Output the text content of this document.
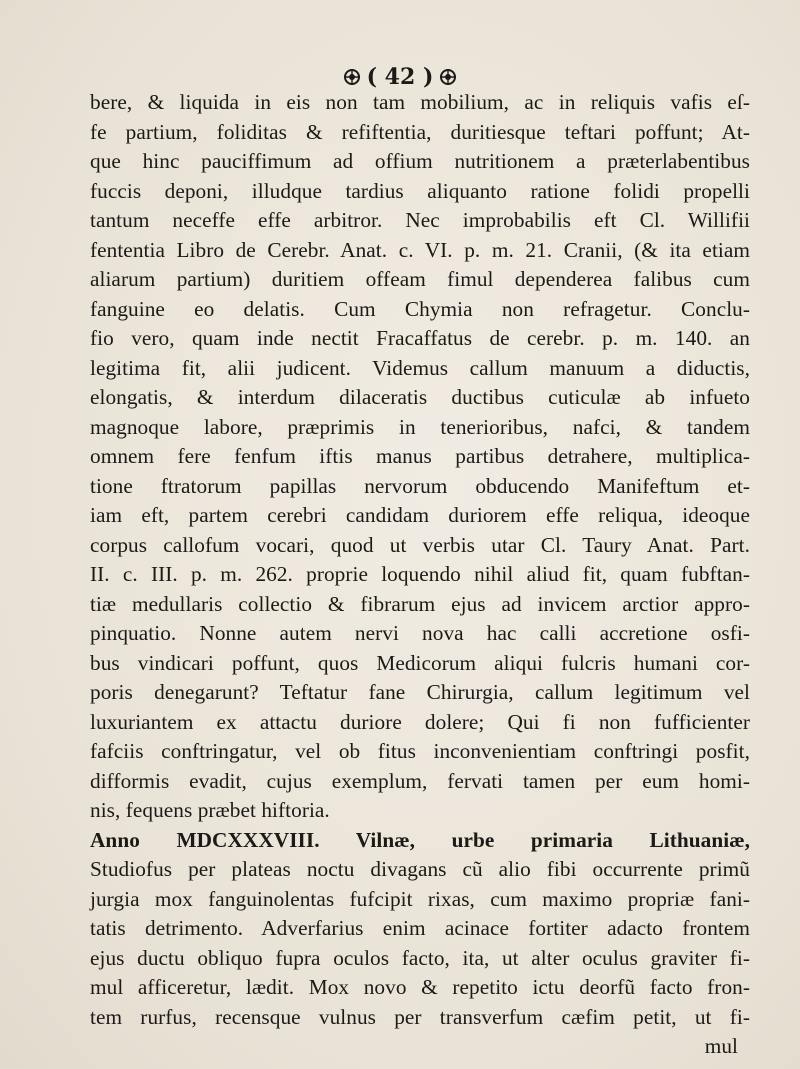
( 42 )
bere, & liquida in eis non tam mobilium, ac in reliquis vafis eſ-
fe partium, foliditas & refiftentia, duritiesque teftari poffunt; At-
que hinc pauciffimum ad offium nutritionem a præterlabentibus
fuccis deponi, illudque tardius aliquanto ratione folidi propelli
tantum neceffe effe arbitror. Nec improbabilis eft Cl. Willifii
fententia Libro de Cerebr. Anat. c. VI. p. m. 21. Cranii, (& ita etiam
aliarum partium) duritiem offeam fimul dependerea falibus cum
fanguine eo delatis. Cum Chymia non refragetur. Conclu-
fio vero, quam inde nectit Fracaffatus de cerebr. p. m. 140. an
legitima fit, alii judicent. Videmus callum manuum a diductis,
elongatis, & interdum dilaceratis ductibus cuticulæ ab infueto
magnoque labore, præprimis in tenerioribus, nafci, & tandem
omnem fere fenfum iftis manus partibus detrahere, multiplica-
tione ftratorum papillas nervorum obducendo Manifeftum et-
iam eft, partem cerebri candidam duriorem effe reliqua, ideoque
corpus callofum vocari, quod ut verbis utar Cl. Taury Anat. Part.
II. c. III. p. m. 262. proprie loquendo nihil aliud fit, quam fubftan-
tiæ medullaris collectio & fibrarum ejus ad invicem arctior appro-
pinquatio. Nonne autem nervi nova hac calli accretione osfi-
bus vindicari poffunt, quos Medicorum aliqui fulcris humani cor-
poris denegarunt? Teftatur fane Chirurgia, callum legitimum vel
luxuriantem ex attactu duriore dolere; Qui fi non fufficienter
fafciis conftringatur, vel ob fitus inconvenientiam conftringi posfit,
difformis evadit, cujus exemplum, fervati tamen per eum homi-
nis, fequens præbet hiftoria.
Anno MDCXXXVIII. Vilnæ, urbe primaria Lithuaniæ,
Studiofus per plateas noctu divagans cũ alio fibi occurrente primũ
jurgia mox fanguinolentas fufcipit rixas, cum maximo propriæ fani-
tatis detrimento. Adverfarius enim acinace fortiter adacto frontem
ejus ductu obliquo fupra oculos facto, ita, ut alter oculus graviter fi-
mul afficeretur, lædit. Mox novo & repetito ictu deorfũ facto fron-
tem rurfus, recensque vulnus per transverfum cæfim petit, ut fi-
mul
